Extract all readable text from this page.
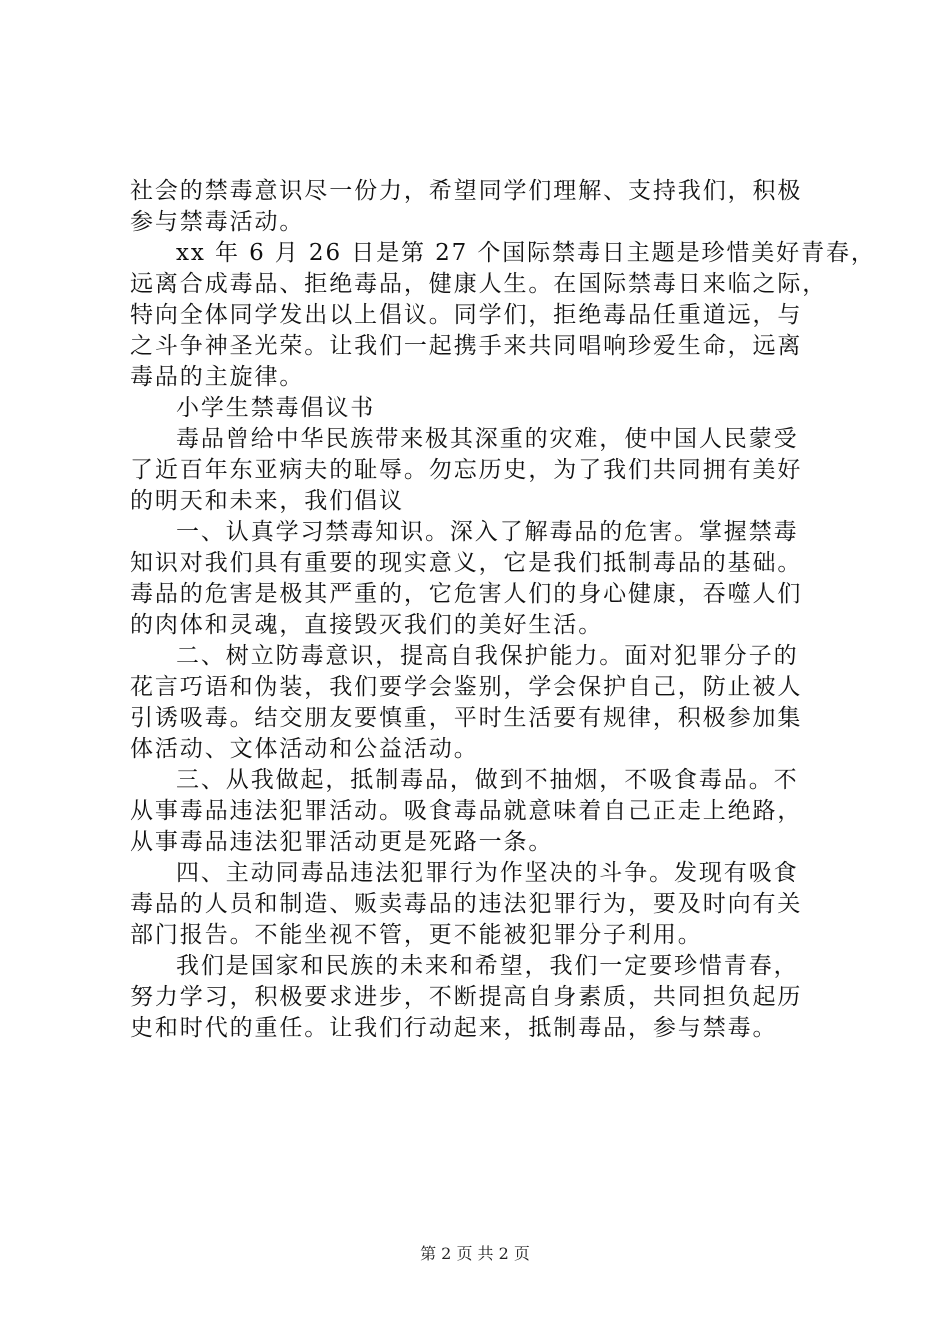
社会的禁毒意识尽一份力，希望同学们理解、支持我们，积极
参与禁毒活动。
xx 年 6 月 26 日是第 27 个国际禁毒日主题是珍惜美好青春，
远离合成毒品、拒绝毒品，健康人生。在国际禁毒日来临之际，
特向全体同学发出以上倡议。同学们，拒绝毒品任重道远，与
之斗争神圣光荣。让我们一起携手来共同唱响珍爱生命，远离
毒品的主旋律。
小学生禁毒倡议书
毒品曾给中华民族带来极其深重的灾难，使中国人民蒙受
了近百年东亚病夫的耻辱。勿忘历史，为了我们共同拥有美好
的明天和未来，我们倡议
一、认真学习禁毒知识。深入了解毒品的危害。掌握禁毒
知识对我们具有重要的现实意义，它是我们抵制毒品的基础。
毒品的危害是极其严重的，它危害人们的身心健康，吞噬人们
的肉体和灵魂，直接毁灭我们的美好生活。
二、树立防毒意识，提高自我保护能力。面对犯罪分子的
花言巧语和伪装，我们要学会鉴别，学会保护自己，防止被人
引诱吸毒。结交朋友要慎重，平时生活要有规律，积极参加集
体活动、文体活动和公益活动。
三、从我做起，抵制毒品，做到不抽烟，不吸食毒品。不
从事毒品违法犯罪活动。吸食毒品就意味着自己正走上绝路，
从事毒品违法犯罪活动更是死路一条。
四、主动同毒品违法犯罪行为作坚决的斗争。发现有吸食
毒品的人员和制造、贩卖毒品的违法犯罪行为，要及时向有关
部门报告。不能坐视不管，更不能被犯罪分子利用。
我们是国家和民族的未来和希望，我们一定要珍惜青春，
努力学习，积极要求进步，不断提高自身素质，共同担负起历
史和时代的重任。让我们行动起来，抵制毒品，参与禁毒。
第 2 页 共 2 页
